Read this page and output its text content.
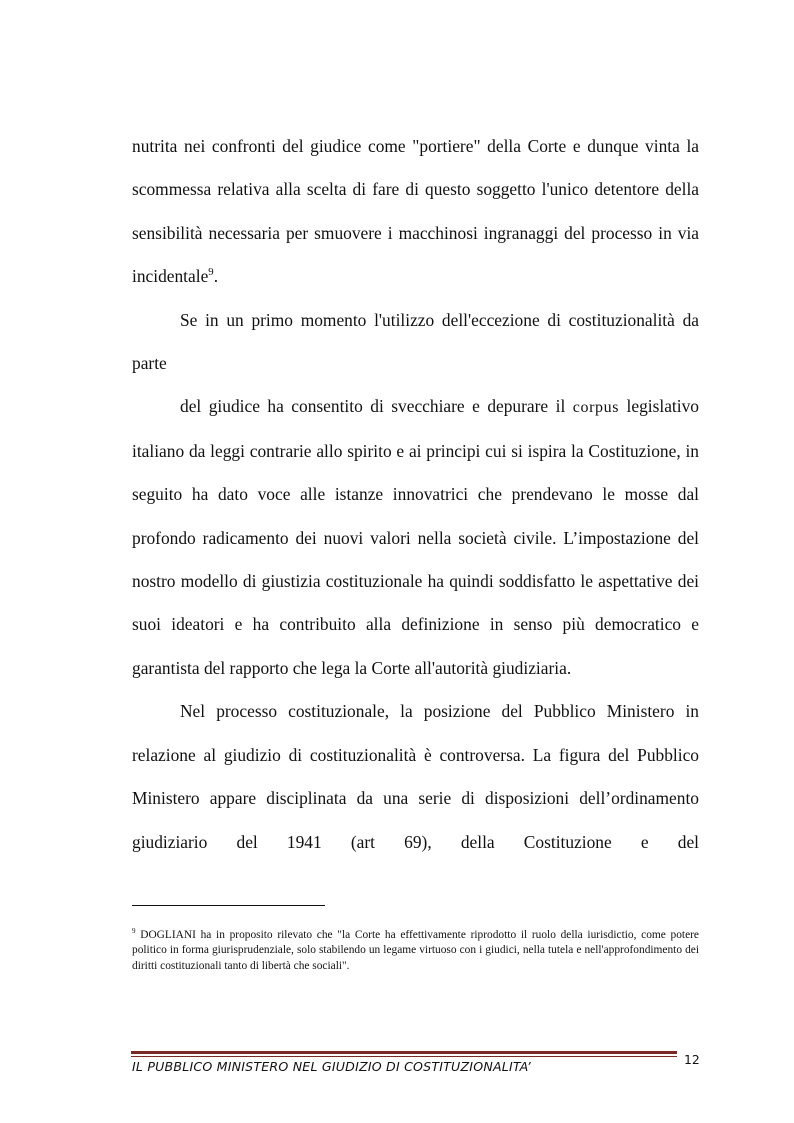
nutrita nei confronti del giudice come "portiere" della Corte e dunque vinta la scommessa relativa alla scelta di fare di questo soggetto l'unico detentore della sensibilità necessaria per smuovere i macchinosi ingranaggi del processo in via incidentale$^9$.

Se in un primo momento l'utilizzo dell'eccezione di costituzionalità da parte

del giudice ha consentito di svecchiare e depurare il corpus legislativo italiano da leggi contrarie allo spirito e ai principi cui si ispira la Costituzione, in seguito ha dato voce alle istanze innovatrici che prendevano le mosse dal profondo radicamento dei nuovi valori nella società civile. L’impostazione del nostro modello di giustizia costituzionale ha quindi soddisfatto le aspettative dei suoi ideatori e ha contribuito alla definizione in senso più democratico e garantista del rapporto che lega la Corte all'autorità giudiziaria.

Nel processo costituzionale, la posizione del Pubblico Ministero in relazione al giudizio di costituzionalità è controversa. La figura del Pubblico Ministero appare disciplinata da una serie di disposizioni dell’ordinamento giudiziario del 1941 (art 69), della Costituzione e del

$^9$ DOGLIANI ha in proposito rilevato che "la Corte ha effettivamente riprodotto il ruolo della iurisdictio, come potere politico in forma giurisprudenziale, solo stabilendo un legame virtuoso con i giudici, nella tutela e nell'approfondimento dei diritti costituzionali tanto di libertà che sociali".
IL PUBBLICO MINISTERO NEL GIUDIZIO DI COSTITUZIONALITA’	12
